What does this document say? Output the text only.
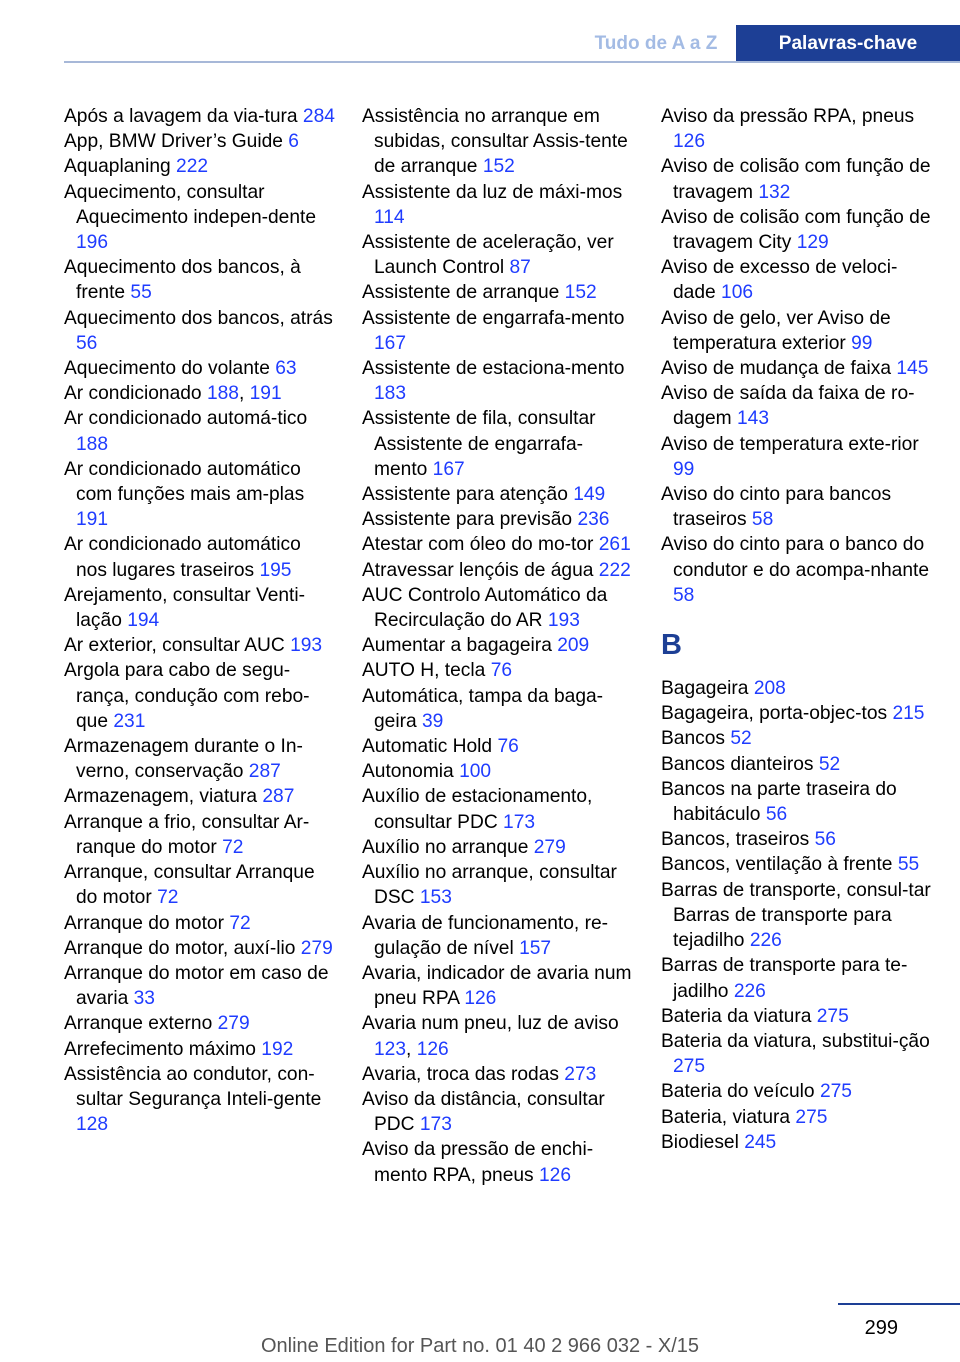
Tudo de A a Z	Palavras-chave
Após a lavagem da via-tura 284
App, BMW Driver’s Guide 6
Aquaplaning 222
Aquecimento, consultar Aquecimento indepen-dente 196
Aquecimento dos bancos, à frente 55
Aquecimento dos bancos, atrás 56
Aquecimento do volante 63
Ar condicionado 188, 191
Ar condicionado automá-tico 188
Ar condicionado automático com funções mais am-plas 191
Ar condicionado automático nos lugares traseiros 195
Arejamento, consultar Venti-lação 194
Ar exterior, consultar AUC 193
Argola para cabo de segu-rança, condução com rebo-que 231
Armazenagem durante o In-verno, conservação 287
Armazenagem, viatura 287
Arranque a frio, consultar Ar-ranque do motor 72
Arranque, consultar Arranque do motor 72
Arranque do motor 72
Arranque do motor, auxí-lio 279
Arranque do motor em caso de avaria 33
Arranque externo 279
Arrefecimento máximo 192
Assistência ao condutor, con-sultar Segurança Inteli-gente 128
Assistência no arranque em subidas, consultar Assis-tente de arranque 152
Assistente da luz de máxi-mos 114
Assistente de aceleração, ver Launch Control 87
Assistente de arranque 152
Assistente de engarrafa-mento 167
Assistente de estaciona-mento 183
Assistente de fila, consultar Assistente de engarrafa-mento 167
Assistente para atenção 149
Assistente para previsão 236
Atestar com óleo do mo-tor 261
Atravessar lençóis de água 222
AUC Controlo Automático da Recirculação do AR 193
Aumentar a bagageira 209
AUTO H, tecla 76
Automática, tampa da baga-geira 39
Automatic Hold 76
Autonomia 100
Auxílio de estacionamento, consultar PDC 173
Auxílio no arranque 279
Auxílio no arranque, consultar DSC 153
Avaria de funcionamento, re-gulação de nível 157
Avaria, indicador de avaria num pneu RPA 126
Avaria num pneu, luz de aviso 123, 126
Avaria, troca das rodas 273
Aviso da distância, consultar PDC 173
Aviso da pressão de enchi-mento RPA, pneus 126
Aviso da pressão RPA, pneus 126
Aviso de colisão com função de travagem 132
Aviso de colisão com função de travagem City 129
Aviso de excesso de veloci-dade 106
Aviso de gelo, ver Aviso de temperatura exterior 99
Aviso de mudança de faixa 145
Aviso de saída da faixa de ro-dagem 143
Aviso de temperatura exte-rior 99
Aviso do cinto para bancos traseiros 58
Aviso do cinto para o banco do condutor e do acompa-nhante 58
B
Bagageira 208
Bagageira, porta-objec-tos 215
Bancos 52
Bancos dianteiros 52
Bancos na parte traseira do habitáculo 56
Bancos, traseiros 56
Bancos, ventilação à frente 55
Barras de transporte, consul-tar Barras de transporte para tejadilho 226
Barras de transporte para te-jadilho 226
Bateria da viatura 275
Bateria da viatura, substitui-ção 275
Bateria do veículo 275
Bateria, viatura 275
Biodiesel 245
299
Online Edition for Part no. 01 40 2 966 032 - X/15
